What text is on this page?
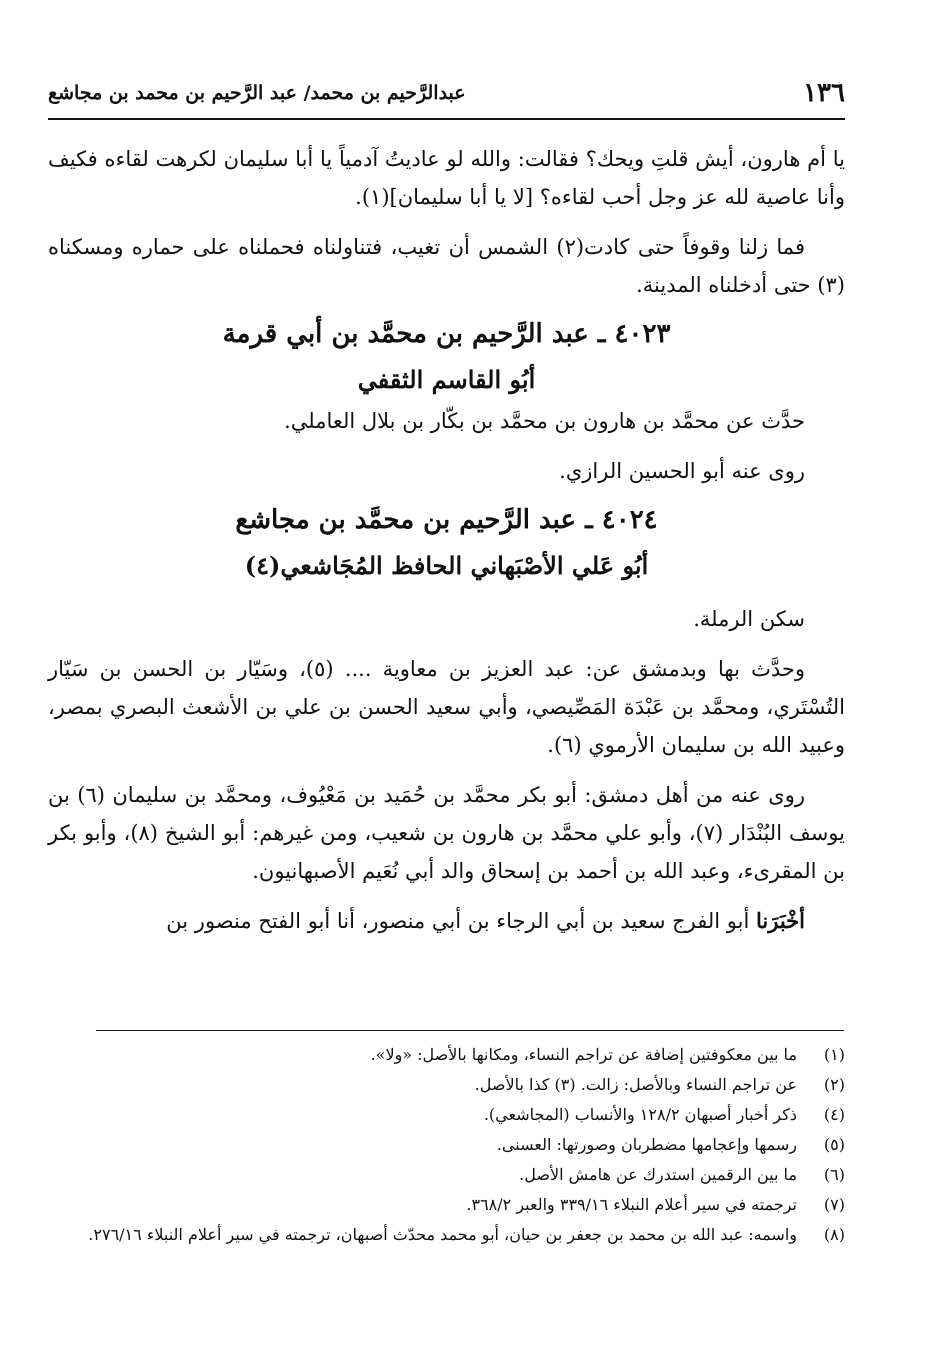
١٣٦
عبدالرَّحيم بن محمد/ عبد الرَّحيم بن محمد بن مجاشع

يا أم هارون، أيش قلتِ ويحك؟ فقالت: والله لو عاديتُ آدمياً يا أبا سليمان لكرهت لقاءه فكيف وأنا عاصية لله عز وجل أحب لقاءه؟ [لا يا أبا سليمان](١).

فما زلنا وقوفاً حتى كادت(٢) الشمس أن تغيب، فتناولناه فحملناه على حماره ومسكناه (٣) حتى أدخلناه المدينة.

٤٠٢٣ ـ عبد الرَّحيم بن محمَّد بن أبي قرمة
أبُو القاسم الثقفي

حدَّث عن محمَّد بن هارون بن محمَّد بن بكّار بن بلال العاملي.

روى عنه أبو الحسين الرازي.

٤٠٢٤ ـ عبد الرَّحيم بن محمَّد بن مجاشع
أبُو عَلي الأصْبَهاني الحافظ المُجَاشعي(٤)

سكن الرملة.

وحدَّث بها وبدمشق عن: عبد العزيز بن معاوية .... (٥)، وسَيّار بن الحسن بن سَيّار التُسْتَري، ومحمَّد بن عَبْدَة المَصِّيصي، وأبي سعيد الحسن بن علي بن الأشعث البصري بمصر، وعبيد الله بن سليمان الأرموي (٦).

روى عنه من أهل دمشق: أبو بكر محمَّد بن حُمَيد بن مَعْيُوف، ومحمَّد بن سليمان (٦) بن يوسف البُنْدَار (٧)، وأبو علي محمَّد بن هارون بن شعيب، ومن غيرهم: أبو الشيخ (٨)، وأبو بكر بن المقرىء، وعبد الله بن أحمد بن إسحاق والد أبي نُعَيم الأصبهانيون.

أخْبَرَنا أبو الفرج سعيد بن أبي الرجاء بن أبي منصور، أنا أبو الفتح منصور بن

(١)
ما بين معكوفتين إضافة عن تراجم النساء، ومكانها بالأصل: «ولا».
(٢)
عن تراجم النساء وبالأصل: زالت. (٣) كذا بالأصل.
(٤)
ذكر أخبار أصبهان ١٢٨/٢ والأنساب (المجاشعي).
(٥)
رسمها وإعجامها مضطربان وصورتها: العسنى.
(٦)
ما بين الرقمين استدرك عن هامش الأصل.
(٧)
ترجمته في سير أعلام النبلاء ٣٣٩/١٦ والعبر ٣٦٨/٢.
(٨)
واسمه: عبد الله بن محمد بن جعفر بن حيان، أبو محمد محدّث أصبهان، ترجمته في سير أعلام النبلاء ٢٧٦/١٦.
